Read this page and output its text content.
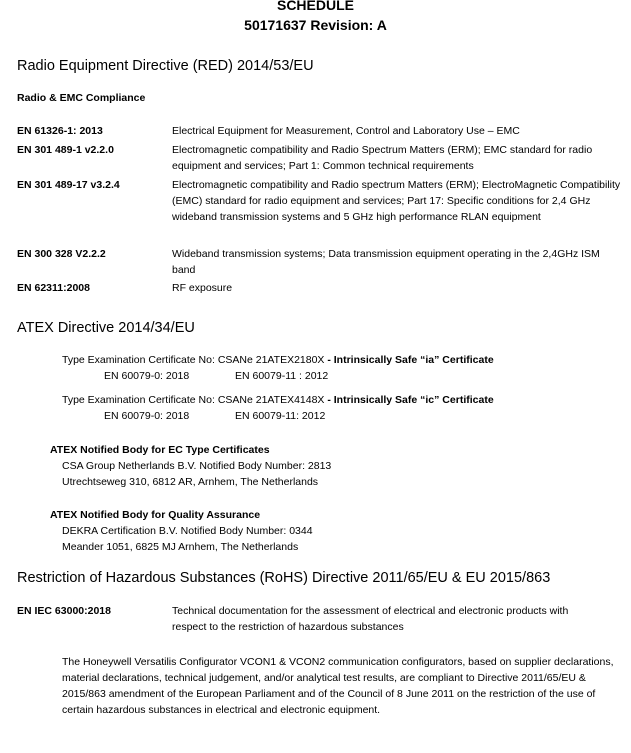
SCHEDULE
50171637 Revision: A
Radio Equipment Directive (RED) 2014/53/EU
Radio & EMC Compliance
EN 61326-1: 2013	Electrical Equipment for Measurement, Control and Laboratory Use – EMC
EN 301 489-1 v2.2.0	Electromagnetic compatibility and Radio Spectrum Matters (ERM); EMC standard for radio equipment and services; Part 1: Common technical requirements
EN 301 489-17 v3.2.4	Electromagnetic compatibility and Radio spectrum Matters (ERM); ElectroMagnetic Compatibility (EMC) standard for radio equipment and services; Part 17: Specific conditions for 2,4 GHz wideband transmission systems and 5 GHz high performance RLAN equipment
EN 300 328 V2.2.2	Wideband transmission systems; Data transmission equipment operating in the 2,4GHz ISM band
EN 62311:2008	RF exposure
ATEX Directive 2014/34/EU
Type Examination Certificate No: CSANe 21ATEX2180X - Intrinsically Safe “ia” Certificate
EN 60079-0: 2018	EN 60079-11 : 2012
Type Examination Certificate No: CSANe 21ATEX4148X - Intrinsically Safe “ic” Certificate
EN 60079-0: 2018	EN 60079-11: 2012
ATEX Notified Body for EC Type Certificates
CSA Group Netherlands B.V. Notified Body Number: 2813
Utrechtseweg 310, 6812 AR, Arnhem, The Netherlands
ATEX Notified Body for Quality Assurance
DEKRA Certification B.V. Notified Body Number: 0344
Meander 1051, 6825 MJ Arnhem, The Netherlands
Restriction of Hazardous Substances (RoHS) Directive 2011/65/EU & EU 2015/863
EN IEC 63000:2018	Technical documentation for the assessment of electrical and electronic products with respect to the restriction of hazardous substances
The Honeywell Versatilis Configurator VCON1 & VCON2 communication configurators, based on supplier declarations, material declarations, technical judgement, and/or analytical test results, are compliant to Directive 2011/65/EU & 2015/863 amendment of the European Parliament and of the Council of 8 June 2011 on the restriction of the use of certain hazardous substances in electrical and electronic equipment.
